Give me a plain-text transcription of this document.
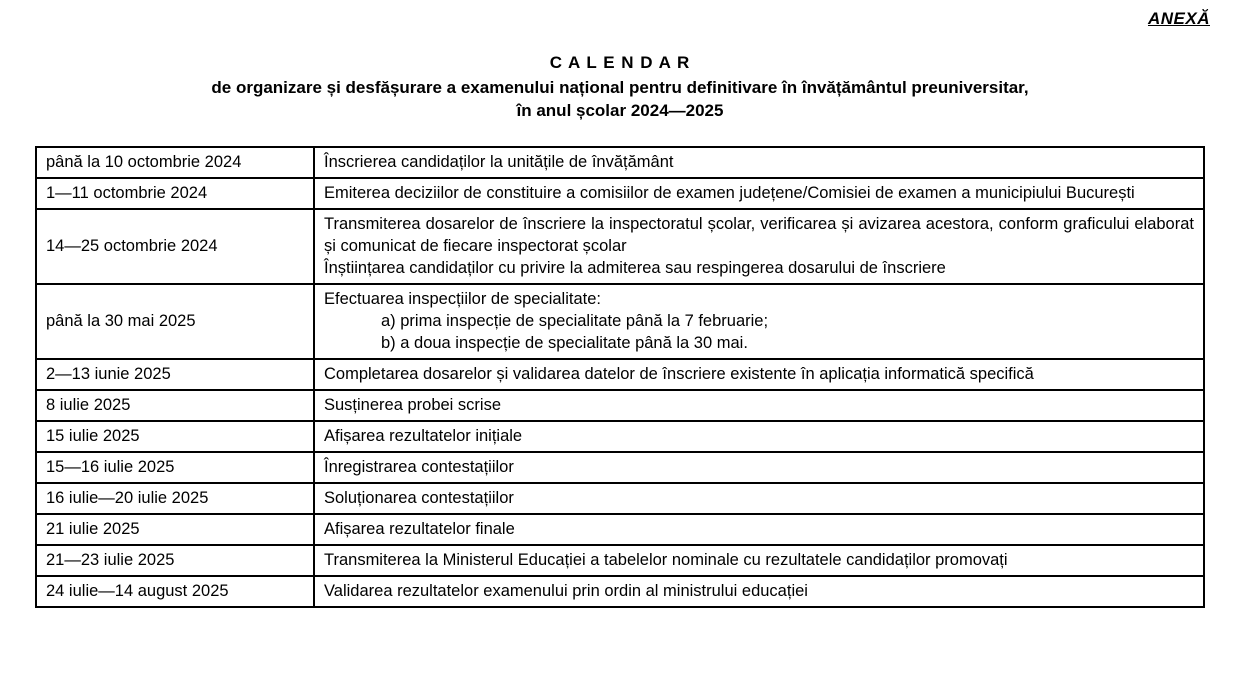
ANEXĂ
C A L E N D A R
de organizare și desfășurare a examenului național pentru definitivare în învățământul preuniversitar,
în anul școlar 2024—2025
până la 10 octombrie 2024	Înscrierea candidaților la unitățile de învățământ

1—11 octombrie 2024	Emiterea deciziilor de constituire a comisiilor de examen județene/Comisiei de examen a municipiului București

14—25 octombrie 2024	Transmiterea dosarelor de înscriere la inspectoratul școlar, verificarea și avizarea acestora, conform graficului elaborat și comunicat de fiecare inspectorat școlar
Înștiințarea candidaților cu privire la admiterea sau respingerea dosarului de înscriere

până la 30 mai 2025	Efectuarea inspecțiilor de specialitate:
a) prima inspecție de specialitate până la 7 februarie;
b) a doua inspecție de specialitate până la 30 mai.

2—13 iunie 2025	Completarea dosarelor și validarea datelor de înscriere existente în aplicația informatică specifică

8 iulie 2025	Susținerea probei scrise

15 iulie 2025	Afișarea rezultatelor inițiale

15—16 iulie 2025	Înregistrarea contestațiilor

16 iulie—20 iulie 2025	Soluționarea contestațiilor

21 iulie 2025	Afișarea rezultatelor finale

21—23 iulie 2025	Transmiterea la Ministerul Educației a tabelelor nominale cu rezultatele candidaților promovați

24 iulie—14 august 2025	Validarea rezultatelor examenului prin ordin al ministrului educației
